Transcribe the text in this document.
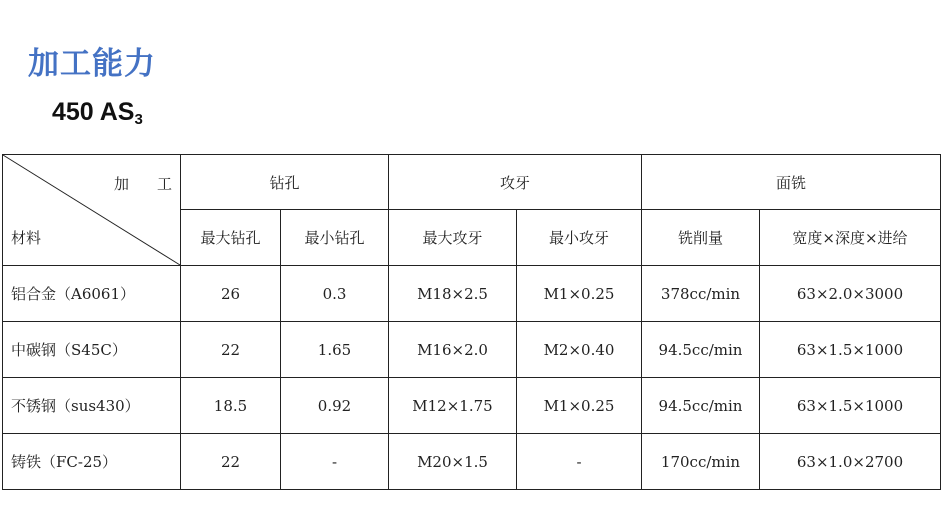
加工能力
450 $AS_3$
加工
材料	钻孔		攻牙		面铣	
	最大钻孔	最小钻孔	最大攻牙	最小攻牙	铣削量	宽度×深度×进给
铝合金（A6061）	26	0.3	M18×2.5	M1×0.25	378cc/min	63×2.0×3000
中碳钢（S45C）	22	1.65	M16×2.0	M2×0.40	94.5cc/min	63×1.5×1000
不锈钢（sus430）	18.5	0.92	M12×1.75	M1×0.25	94.5cc/min	63×1.5×1000
铸铁（FC-25）	22	-	M20×1.5	-	170cc/min	63×1.0×2700
